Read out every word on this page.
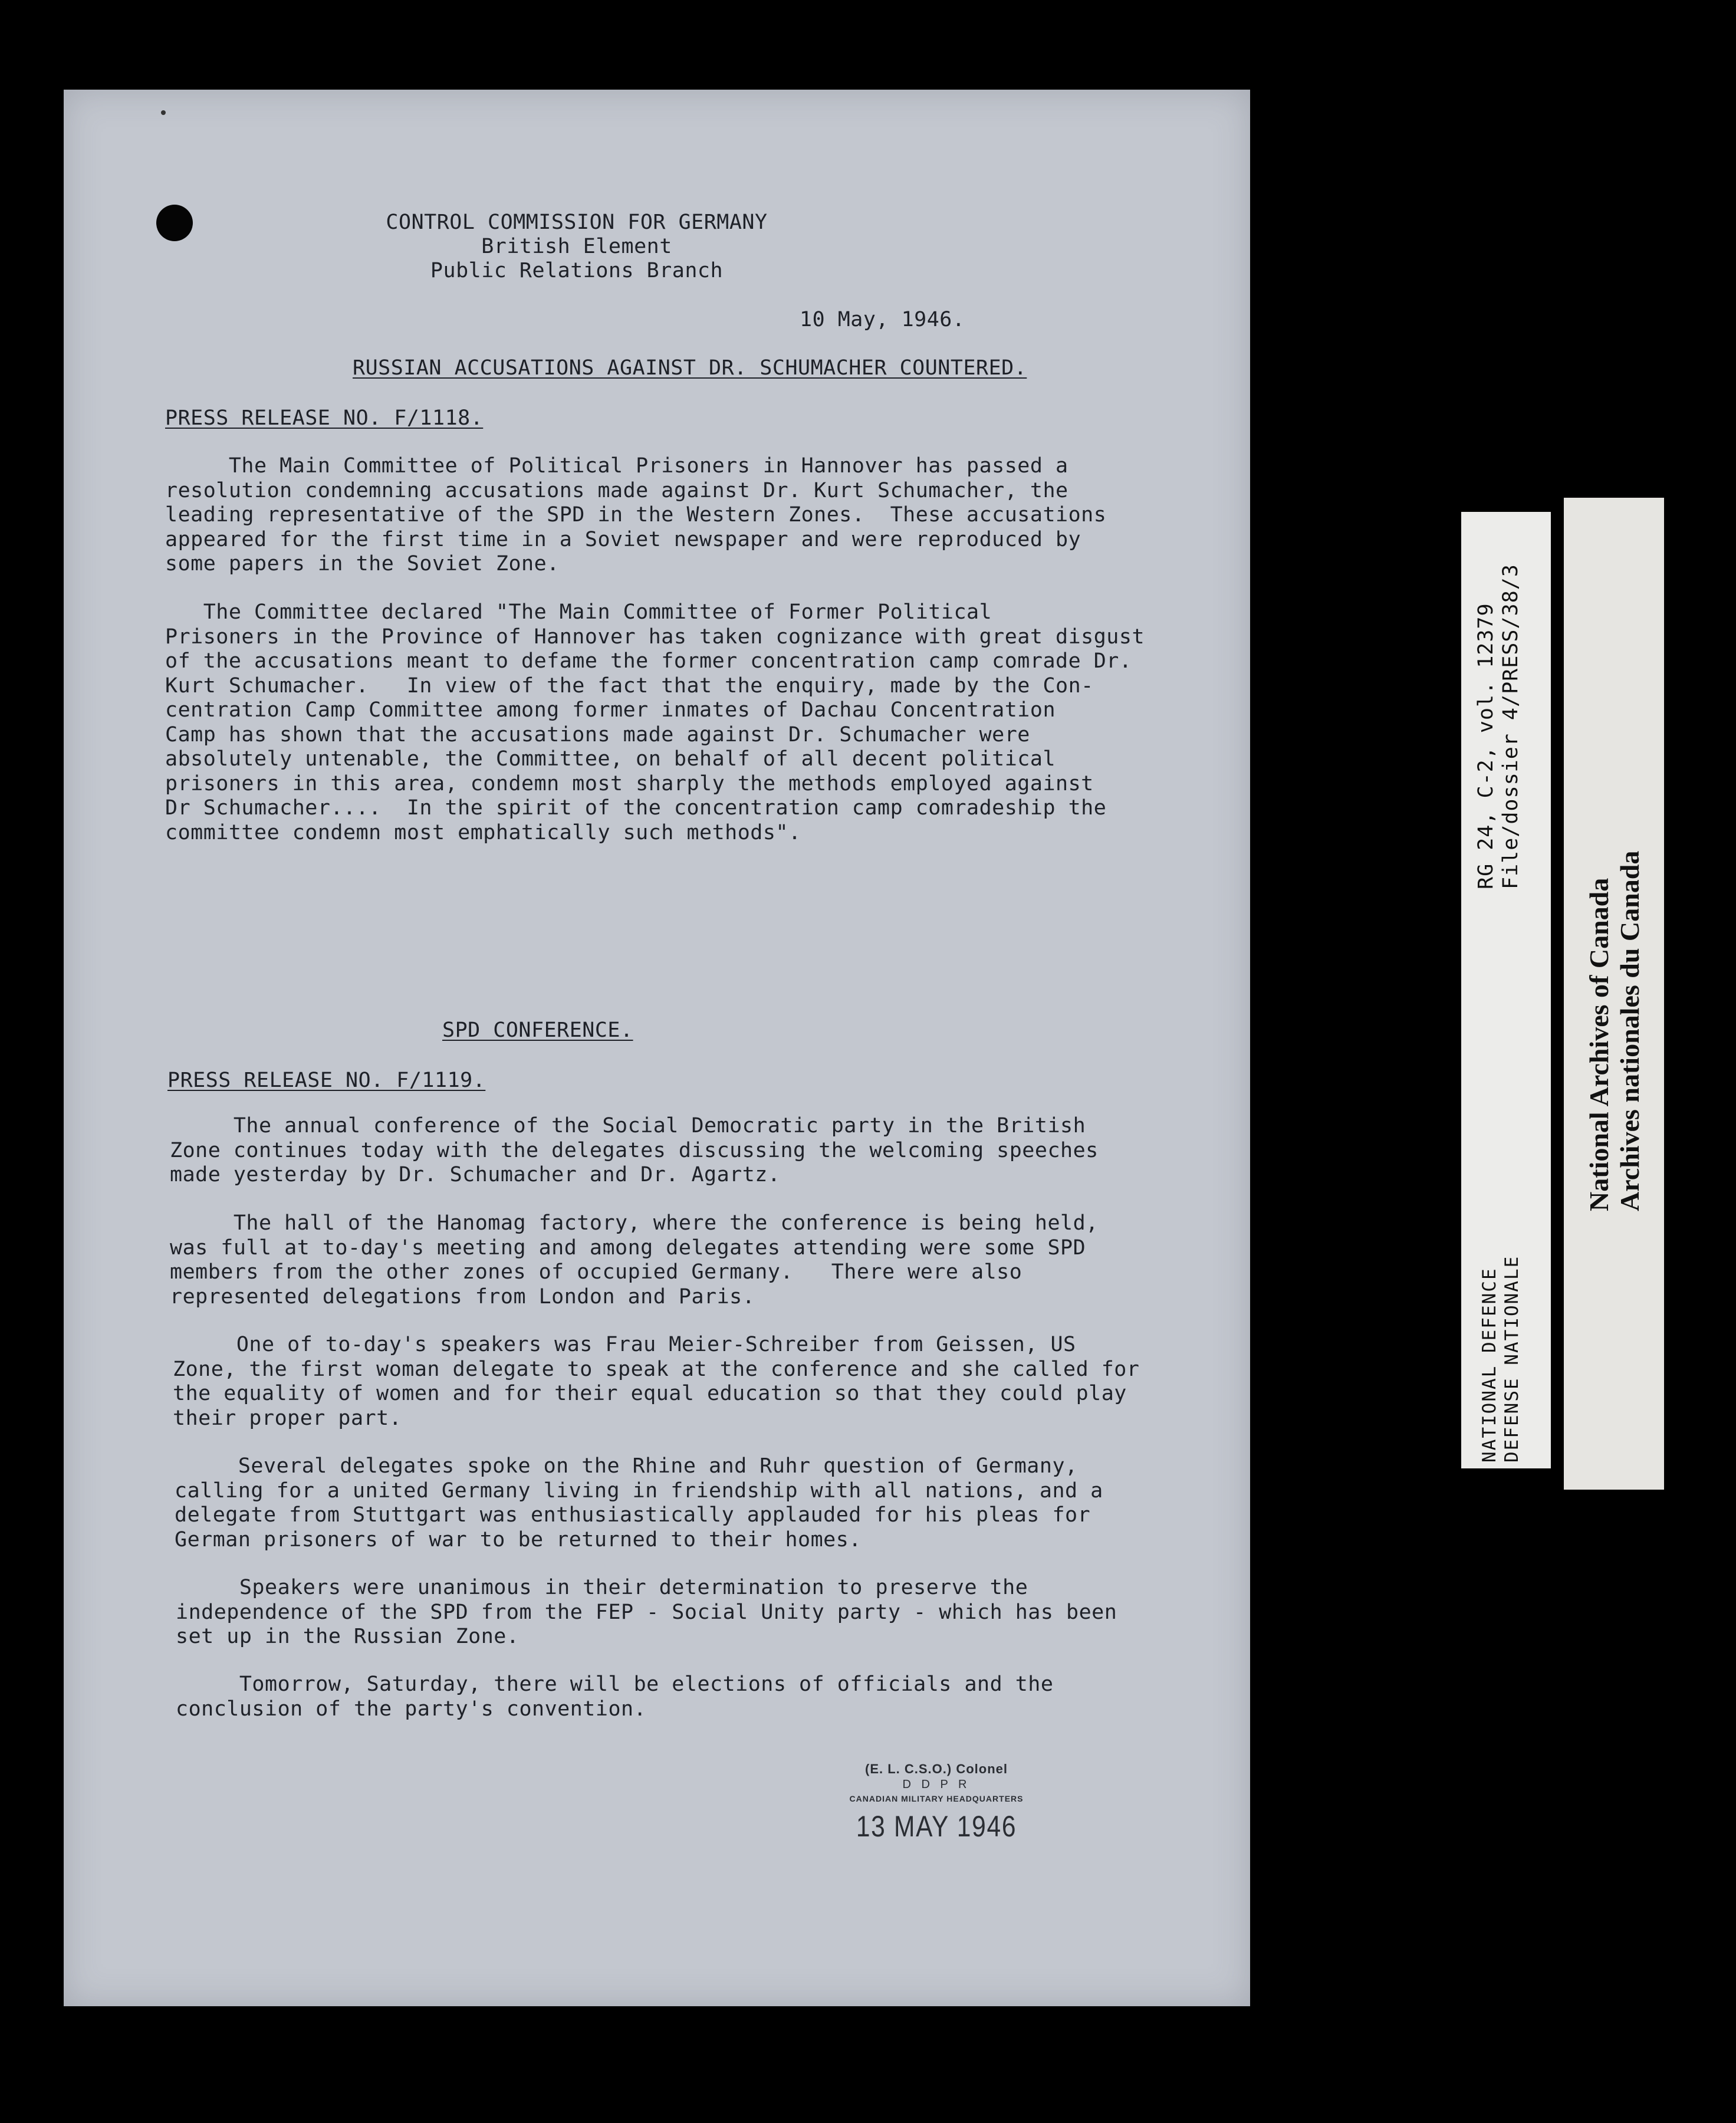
CONTROL COMMISSION FOR GERMANY
British Element
Public Relations Branch
10 May, 1946.
RUSSIAN ACCUSATIONS AGAINST DR. SCHUMACHER COUNTERED.
PRESS RELEASE NO. F/1118.
The Main Committee of Political Prisoners in Hannover has passed a
resolution condemning accusations made against Dr. Kurt Schumacher, the
leading representative of the SPD in the Western Zones.  These accusations
appeared for the first time in a Soviet newspaper and were reproduced by
some papers in the Soviet Zone.
The Committee declared "The Main Committee of Former Political
Prisoners in the Province of Hannover has taken cognizance with great disgust
of the accusations meant to defame the former concentration camp comrade Dr.
Kurt Schumacher.   In view of the fact that the enquiry, made by the Con-
centration Camp Committee among former inmates of Dachau Concentration
Camp has shown that the accusations made against Dr. Schumacher were
absolutely untenable, the Committee, on behalf of all decent political
prisoners in this area, condemn most sharply the methods employed against
Dr Schumacher....  In the spirit of the concentration camp comradeship the
committee condemn most emphatically such methods".
SPD CONFERENCE.
PRESS RELEASE NO. F/1119.
The annual conference of the Social Democratic party in the British
Zone continues today with the delegates discussing the welcoming speeches
made yesterday by Dr. Schumacher and Dr. Agartz.
The hall of the Hanomag factory, where the conference is being held,
was full at to-day's meeting and among delegates attending were some SPD
members from the other zones of occupied Germany.   There were also
represented delegations from London and Paris.
One of to-day's speakers was Frau Meier-Schreiber from Geissen, US
Zone, the first woman delegate to speak at the conference and she called for
the equality of women and for their equal education so that they could play
their proper part.
Several delegates spoke on the Rhine and Ruhr question of Germany,
calling for a united Germany living in friendship with all nations, and a
delegate from Stuttgart was enthusiastically applauded for his pleas for
German prisoners of war to be returned to their homes.
Speakers were unanimous in their determination to preserve the
independence of the SPD from the FEP - Social Unity party - which has been
set up in the Russian Zone.
Tomorrow, Saturday, there will be elections of officials and the
conclusion of the party's convention.
(E. L. C.S.O.) Colonel
D D P R
CANADIAN MILITARY HEADQUARTERS
13 MAY 1946
RG 24, C-2, vol. 12379 File/dossier 4/PRESS/38/3
NATIONAL DEFENCE DEFENSE NATIONALE
National Archives of Canada Archives nationales du Canada
